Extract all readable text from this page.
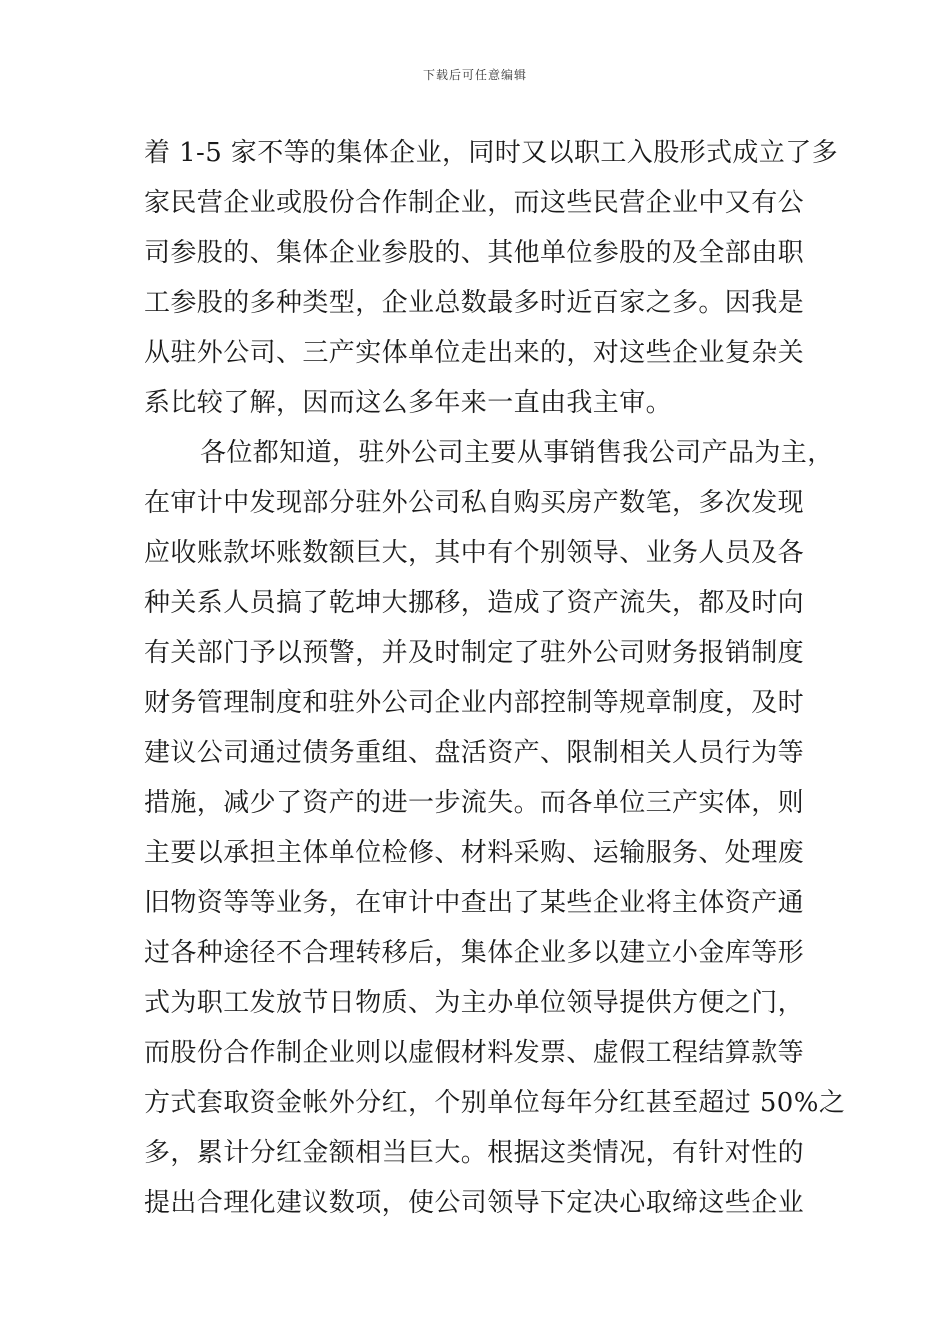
下载后可任意编辑
着 1-5 家不等的集体企业，同时又以职工入股形式成立了多
家民营企业或股份合作制企业，而这些民营企业中又有公
司参股的、集体企业参股的、其他单位参股的及全部由职
工参股的多种类型，企业总数最多时近百家之多。因我是
从驻外公司、三产实体单位走出来的，对这些企业复杂关
系比较了解，因而这么多年来一直由我主审。
各位都知道，驻外公司主要从事销售我公司产品为主，
在审计中发现部分驻外公司私自购买房产数笔，多次发现
应收账款坏账数额巨大，其中有个别领导、业务人员及各
种关系人员搞了乾坤大挪移，造成了资产流失，都及时向
有关部门予以预警，并及时制定了驻外公司财务报销制度
财务管理制度和驻外公司企业内部控制等规章制度，及时
建议公司通过债务重组、盘活资产、限制相关人员行为等
措施，减少了资产的进一步流失。而各单位三产实体，则
主要以承担主体单位检修、材料采购、运输服务、处理废
旧物资等等业务，在审计中查出了某些企业将主体资产通
过各种途径不合理转移后，集体企业多以建立小金库等形
式为职工发放节日物质、为主办单位领导提供方便之门，
而股份合作制企业则以虚假材料发票、虚假工程结算款等
方式套取资金帐外分红，个别单位每年分红甚至超过 50%之
多，累计分红金额相当巨大。根据这类情况，有针对性的
提出合理化建议数项，使公司领导下定决心取缔这些企业
